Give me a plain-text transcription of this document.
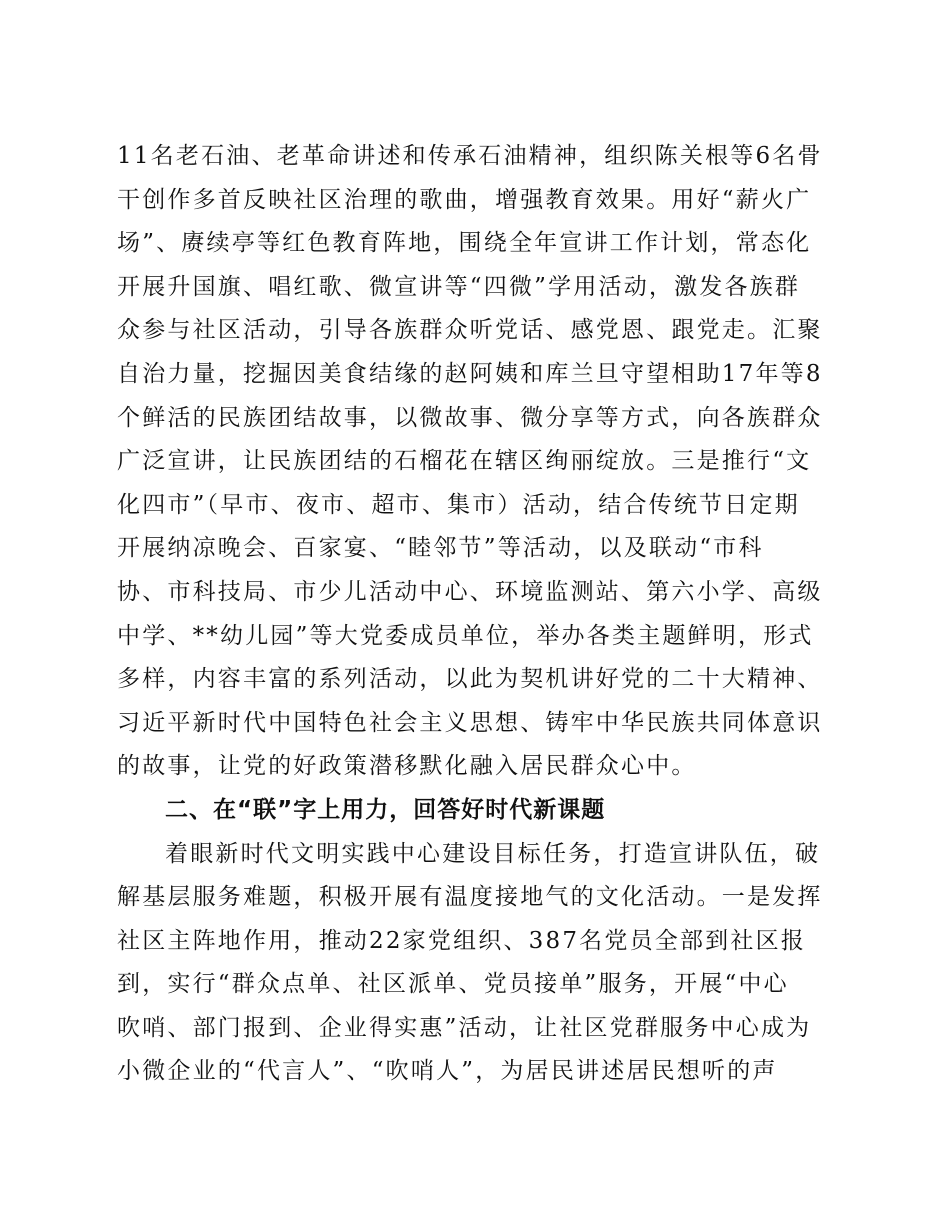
11名老石油、老革命讲述和传承石油精神，组织陈关根等6名骨
干创作多首反映社区治理的歌曲，增强教育效果。用好“薪火广
场”、赓续亭等红色教育阵地，围绕全年宣讲工作计划，常态化
开展升国旗、唱红歌、微宣讲等“四微”学用活动，激发各族群
众参与社区活动，引导各族群众听党话、感党恩、跟党走。汇聚
自治力量，挖掘因美食结缘的赵阿姨和库兰旦守望相助17年等8
个鲜活的民族团结故事，以微故事、微分享等方式，向各族群众
广泛宣讲，让民族团结的石榴花在辖区绚丽绽放。三是推行“文
化四市”（早市、夜市、超市、集市）活动，结合传统节日定期
开展纳凉晚会、百家宴、“睦邻节”等活动，以及联动“市科
协、市科技局、市少儿活动中心、环境监测站、第六小学、高级
中学、**幼儿园”等大党委成员单位，举办各类主题鲜明，形式
多样，内容丰富的系列活动，以此为契机讲好党的二十大精神、
习近平新时代中国特色社会主义思想、铸牢中华民族共同体意识
的故事，让党的好政策潜移默化融入居民群众心中。
二、在“联”字上用力，回答好时代新课题
着眼新时代文明实践中心建设目标任务，打造宣讲队伍，破
解基层服务难题，积极开展有温度接地气的文化活动。一是发挥
社区主阵地作用，推动22家党组织、387名党员全部到社区报
到，实行“群众点单、社区派单、党员接单”服务，开展“中心
吹哨、部门报到、企业得实惠”活动，让社区党群服务中心成为
小微企业的“代言人”、“吹哨人”，为居民讲述居民想听的声
